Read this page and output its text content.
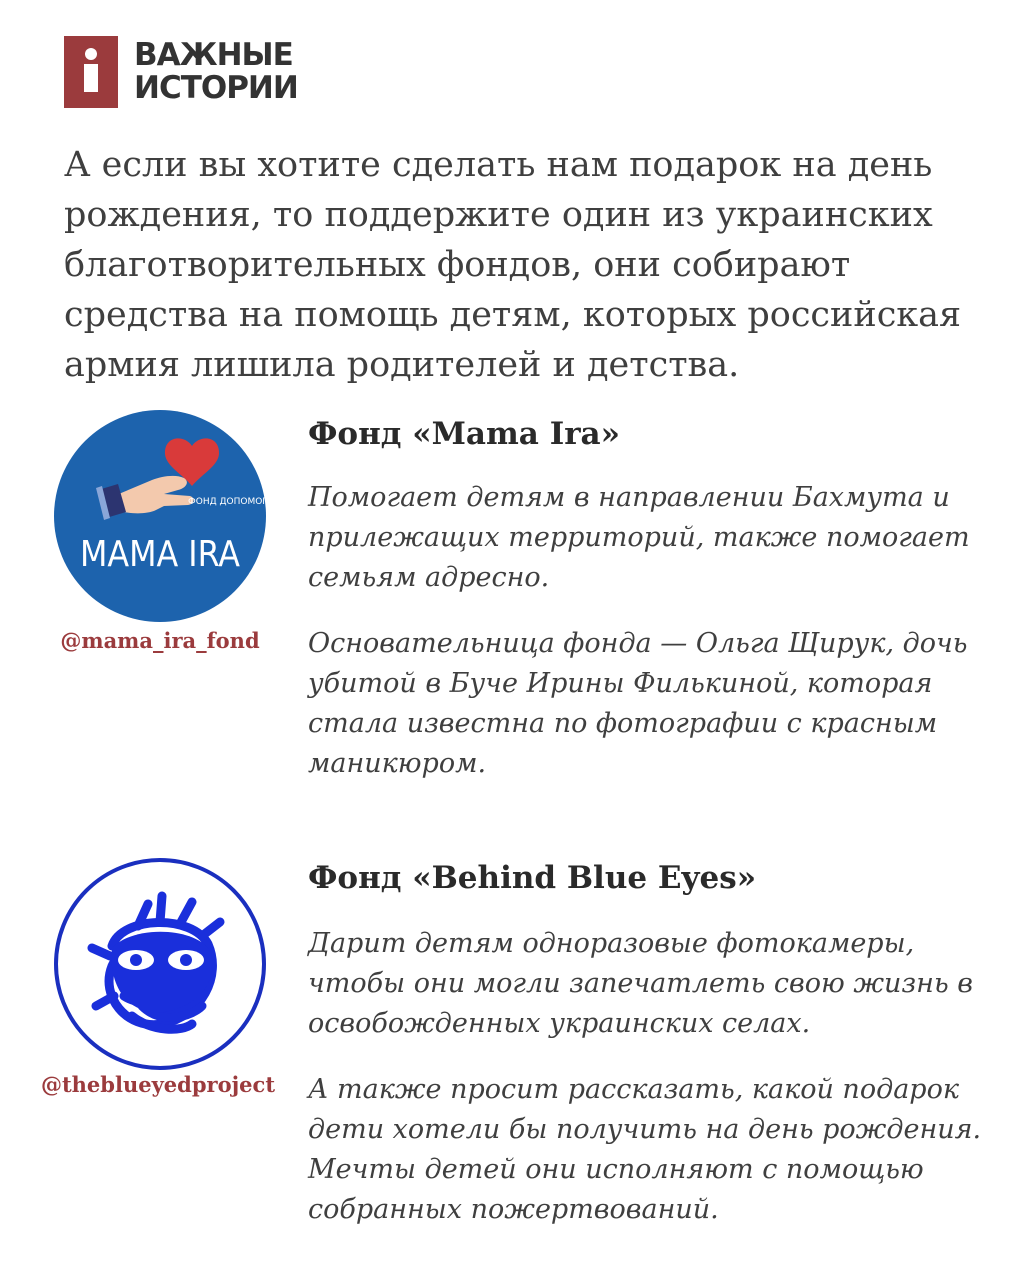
ВАЖНЫЕ
ИСТОРИИ

А если вы хотите сделать нам подарок на день рождения, то поддержите один из украинских благотворительных фондов, они собирают средства на помощь детям, которых российская армия лишила родителей и детства.

ФОНД ДОПОМОГИ ДІТЯМ
MAMA IRA
@mama_ira_fond
Фонд «Mama Ira»

Помогает детям в направлении Бахмута и прилежащих территорий, также помогает семьям адресно.

Основательница фонда — Ольга Щирук, дочь убитой в Буче Ирины Филькиной, которая стала известна по фотографии с красным маникюром.

@theblueyedproject
Фонд «Behind Blue Eyes»

Дарит детям одноразовые фотокамеры, чтобы они могли запечатлеть свою жизнь в освобожденных украинских селах.

А также просит рассказать, какой подарок дети хотели бы получить на день рождения. Мечты детей они исполняют с помощью собранных пожертвований.
